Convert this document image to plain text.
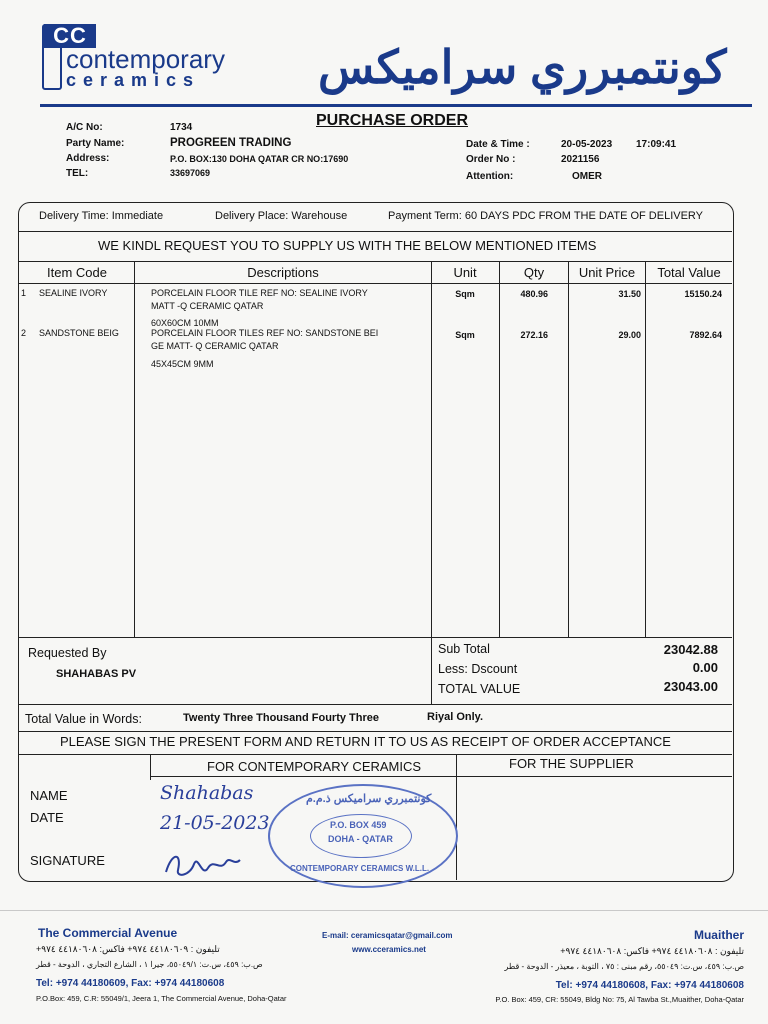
CC
contemporary
ceramics	كونتمبرري سراميكس
PURCHASE ORDER
A/C No:	1734
Party Name:	PROGREEN TRADING
Address:	P.O. BOX:130 DOHA QATAR CR NO:17690
TEL:	33697069
Date & Time :	20-05-2023 17:09:41
Order No :	2021156
Attention:	OMER
Delivery Time: Immediate	Delivery Place: Warehouse	Payment Term: 60 DAYS PDC FROM THE DATE OF DELIVERY
WE KINDL REQUEST YOU TO SUPPLY US WITH THE BELOW MENTIONED ITEMS
Item Code	Descriptions	Unit	Qty	Unit Price	Total Value
1 SEALINE IVORY	PORCELAIN FLOOR TILE REF NO: SEALINE IVORY
MATT -Q CERAMIC QATAR
60X60CM 10MM
Sqm	480.96	31.50	15150.24
2 SANDSTONE BEIG	PORCELAIN FLOOR TILES REF NO: SANDSTONE BEI
GE MATT- Q CERAMIC QATAR
45X45CM 9MM
Sqm	272.16	29.00	7892.64
Requested By
SHAHABAS PV
Sub Total	23042.88
Less: Dscount	0.00
TOTAL VALUE	23043.00
Total Value in Words:	Twenty Three Thousand Fourty Three	Riyal Only.
PLEASE SIGN THE PRESENT FORM AND RETURN IT TO US AS RECEIPT OF ORDER ACCEPTANCE
FOR CONTEMPORARY CERAMICS	FOR THE SUPPLIER
NAME
DATE
SIGNATURE
Shahabas
21-05-2023
كونتمبرري سراميكس ذ.م.م
P.O. BOX 459
DOHA - QATAR
CONTEMPORARY CERAMICS W.L.L.
The Commercial Avenue
تليفون : ٤٤١٨٠٦٠٩ ٩٧٤+ فاكس: ٤٤١٨٠٦٠٨ ٩٧٤+
ص.ب: ٤٥٩، س.ت: ٥٥٠٤٩/١، جيرا ١ ، الشارع التجاري ، الدوحة - قطر
Tel: +974 44180609, Fax: +974 44180608
P.O.Box: 459, C.R: 55049/1, Jeera 1, The Commercial Avenue, Doha-Qatar
E-mail: ceramicsqatar@gmail.com
www.cceramics.net
Muaither
تليفون : ٤٤١٨٠٦٠٨ ٩٧٤+ فاكس: ٤٤١٨٠٦٠٨ ٩٧٤+
ص.ب: ٤٥٩، س.ت: ٥٥٠٤٩، رقم مبنى : ٧٥ ، التوبة ، معيذر - الدوحة - قطر
Tel: +974 44180608, Fax: +974 44180608
P.O. Box: 459, CR: 55049, Bldg No: 75, Al Tawba St.,Muaither, Doha-Qatar
